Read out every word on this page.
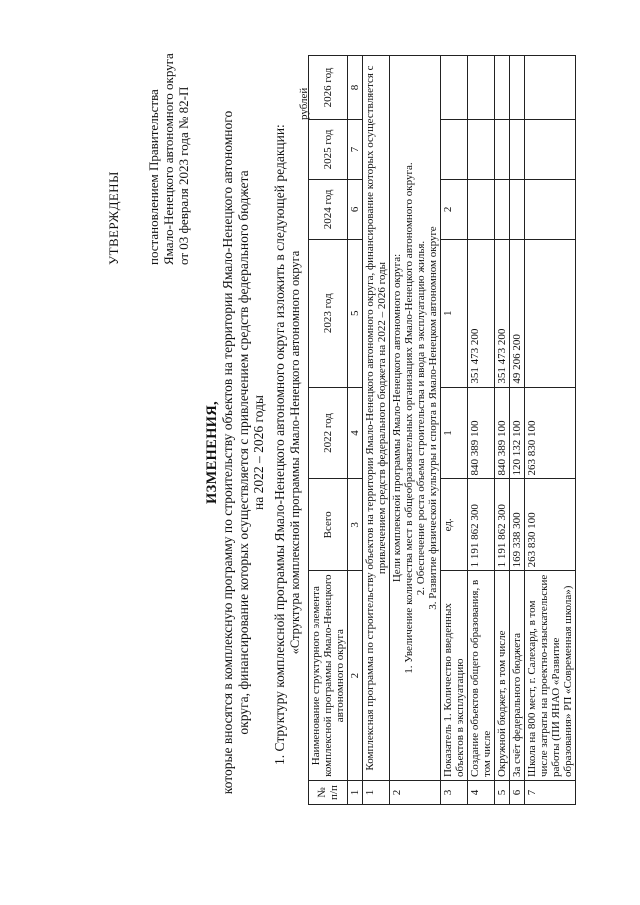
УТВЕРЖДЕНЫ постановлением Правительства Ямало-Ненецкого автономного округа от 03 февраля 2023 года № 82-П
ИЗМЕНЕНИЯ, которые вносятся в комплексную программу по строительству объектов на территории Ямало-Ненецкого автономного округа, финансирование которых осуществляется с привлечением средств федерального бюджета на 2022 – 2026 годы 1. Структуру комплексной программы Ямало-Ненецкого автономного округа изложить в следующей редакции: «Структура комплексной программы Ямало-Ненецкого автономного округа
рублей
№ п/п	Наименование структурного элемента комплексной программы Ямало-Ненецкого автономного округа	Всего	2022 год	2023 год	2024 год	2025 год	2026 год
1	2	3	4	5	6	7	8
1	Комплексная программа по строительству объектов на территории Ямало-Ненецкого автономного округа, финансирование которых осуществляется с привлечением средств федерального бюджета на 2022 – 2026 годы						
2	Цели комплексной программы Ямало-Ненецкого автономного округа: 1. Увеличение количества мест в общеобразовательных организациях Ямало-Ненецкого автономного округа. 2. Обеспечение роста объема строительства и ввода в эксплуатацию жилья. 3. Развитие физической культуры и спорта в Ямало-Ненецком автономном округе						

3	Показатель 1. Количество введенных объектов в эксплуатацию	ед.	1	1	2		
4	Создание объектов общего образования, в том числе	1 191 862 300	840 389 100	351 473 200			
5	Окружной бюджет, в том числе	1 191 862 300	840 389 100	351 473 200			
6	За счёт федерального бюджета	169 338 300	120 132 100	49 206 200			
7	Школа на 800 мест, г. Салехард, в том числе затраты на проектно-изыскательские работы (ПИ ЯНАО «Развитие образования» РП «Современная школа»)	263 830 100	263 830 100				
